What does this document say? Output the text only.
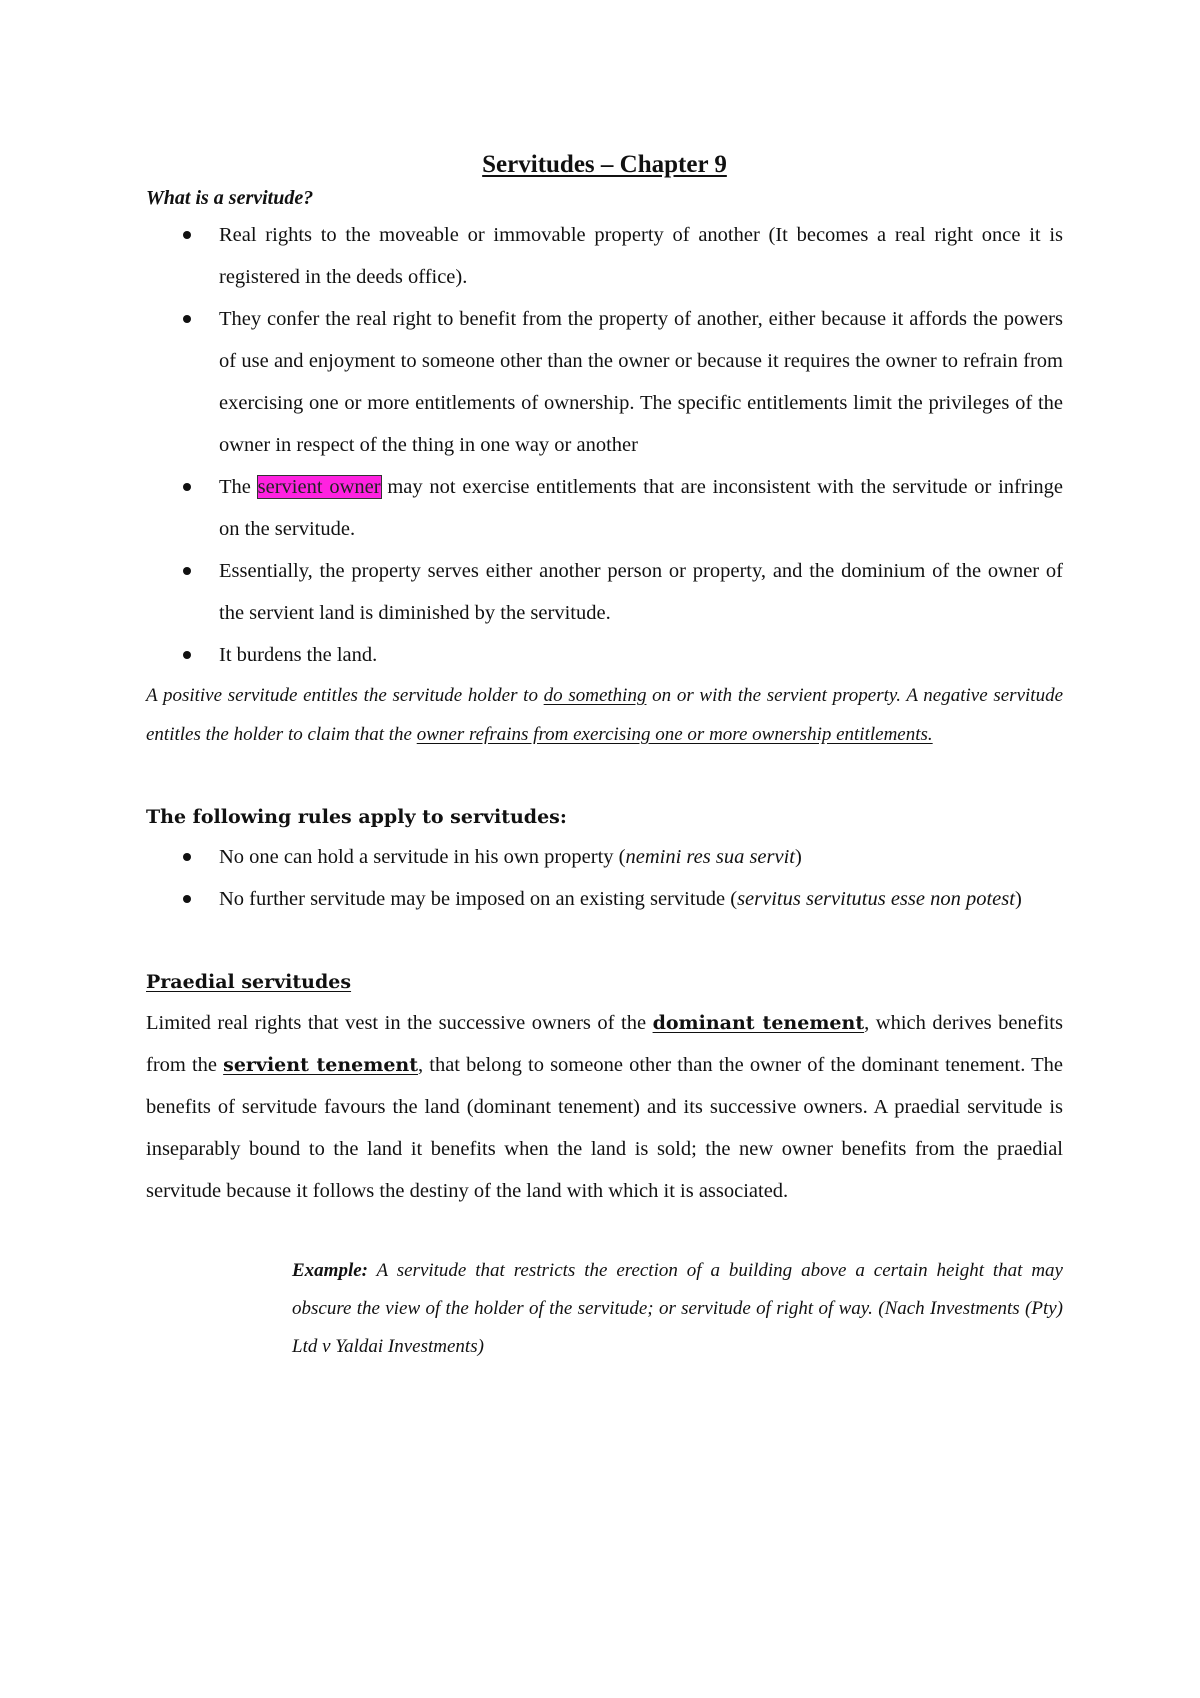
Servitudes – Chapter 9

What is a servitude?

Real rights to the moveable or immovable property of another (It becomes a real right once it is registered in the deeds office).
They confer the real right to benefit from the property of another, either because it affords the powers of use and enjoyment to someone other than the owner or because it requires the owner to refrain from exercising one or more entitlements of ownership. The specific entitlements limit the privileges of the owner in respect of the thing in one way or another
The servient owner may not exercise entitlements that are inconsistent with the servitude or infringe on the servitude.
Essentially, the property serves either another person or property, and the dominium of the owner of the servient land is diminished by the servitude.
It burdens the land.

A positive servitude entitles the servitude holder to do something on or with the servient property. A negative servitude entitles the holder to claim that the owner refrains from exercising one or more ownership entitlements.

The following rules apply to servitudes:

No one can hold a servitude in his own property (nemini res sua servit)
No further servitude may be imposed on an existing servitude (servitus servitutus esse non potest)

Praedial servitudes

Limited real rights that vest in the successive owners of the dominant tenement, which derives benefits from the servient tenement, that belong to someone other than the owner of the dominant tenement. The benefits of servitude favours the land (dominant tenement) and its successive owners. A praedial servitude is inseparably bound to the land it benefits when the land is sold; the new owner benefits from the praedial servitude because it follows the destiny of the land with which it is associated.

Example: A servitude that restricts the erection of a building above a certain height that may obscure the view of the holder of the servitude; or servitude of right of way. (Nach Investments (Pty) Ltd v Yaldai Investments)
